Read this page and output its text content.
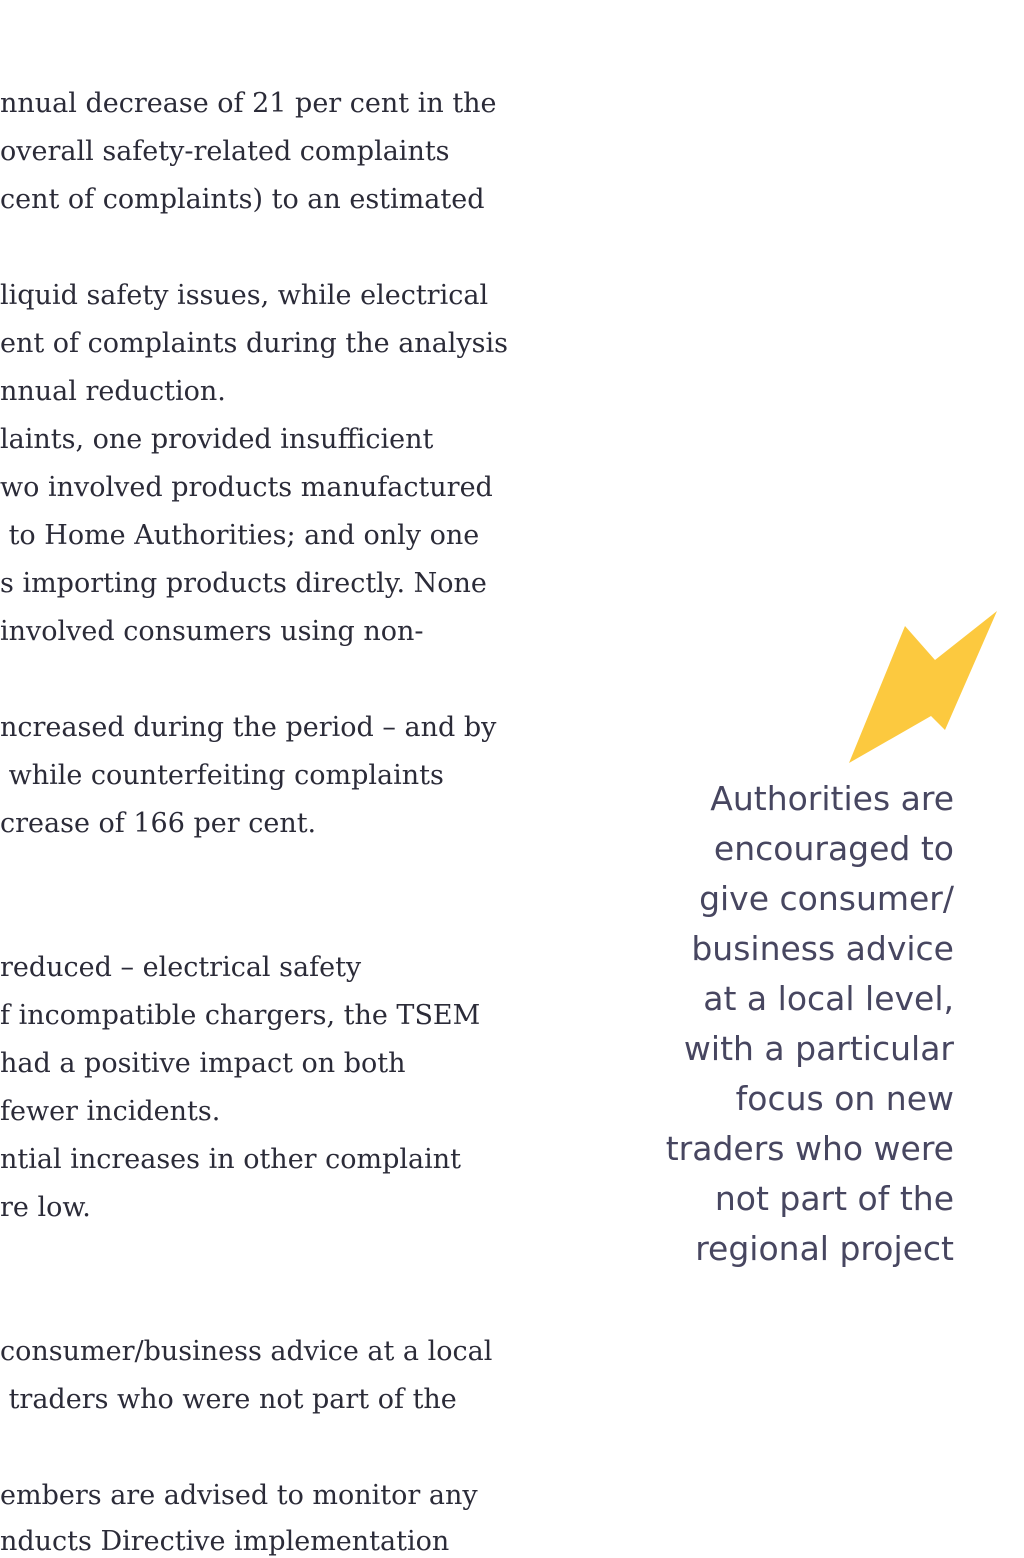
nnual decrease of 21 per cent in the

overall safety-related complaints

cent of complaints) to an estimated

liquid safety issues, while electrical

ent of complaints during the analysis

nnual reduction.

laints, one provided insufficient

wo involved products manufactured

to Home Authorities; and only one

s importing products directly. None

involved consumers using non-

ncreased during the period – and by

while counterfeiting complaints

crease of 166 per cent.

reduced – electrical safety

f incompatible chargers, the TSEM

had a positive impact on both

fewer incidents.

ntial increases in other complaint

re low.

consumer/business advice at a local

traders who were not part of the

embers are advised to monitor any

nducts Directive implementation

Authorities are
encouraged to
give consumer/
business advice
at a local level,
with a particular
focus on new
traders who were
not part of the
regional project
